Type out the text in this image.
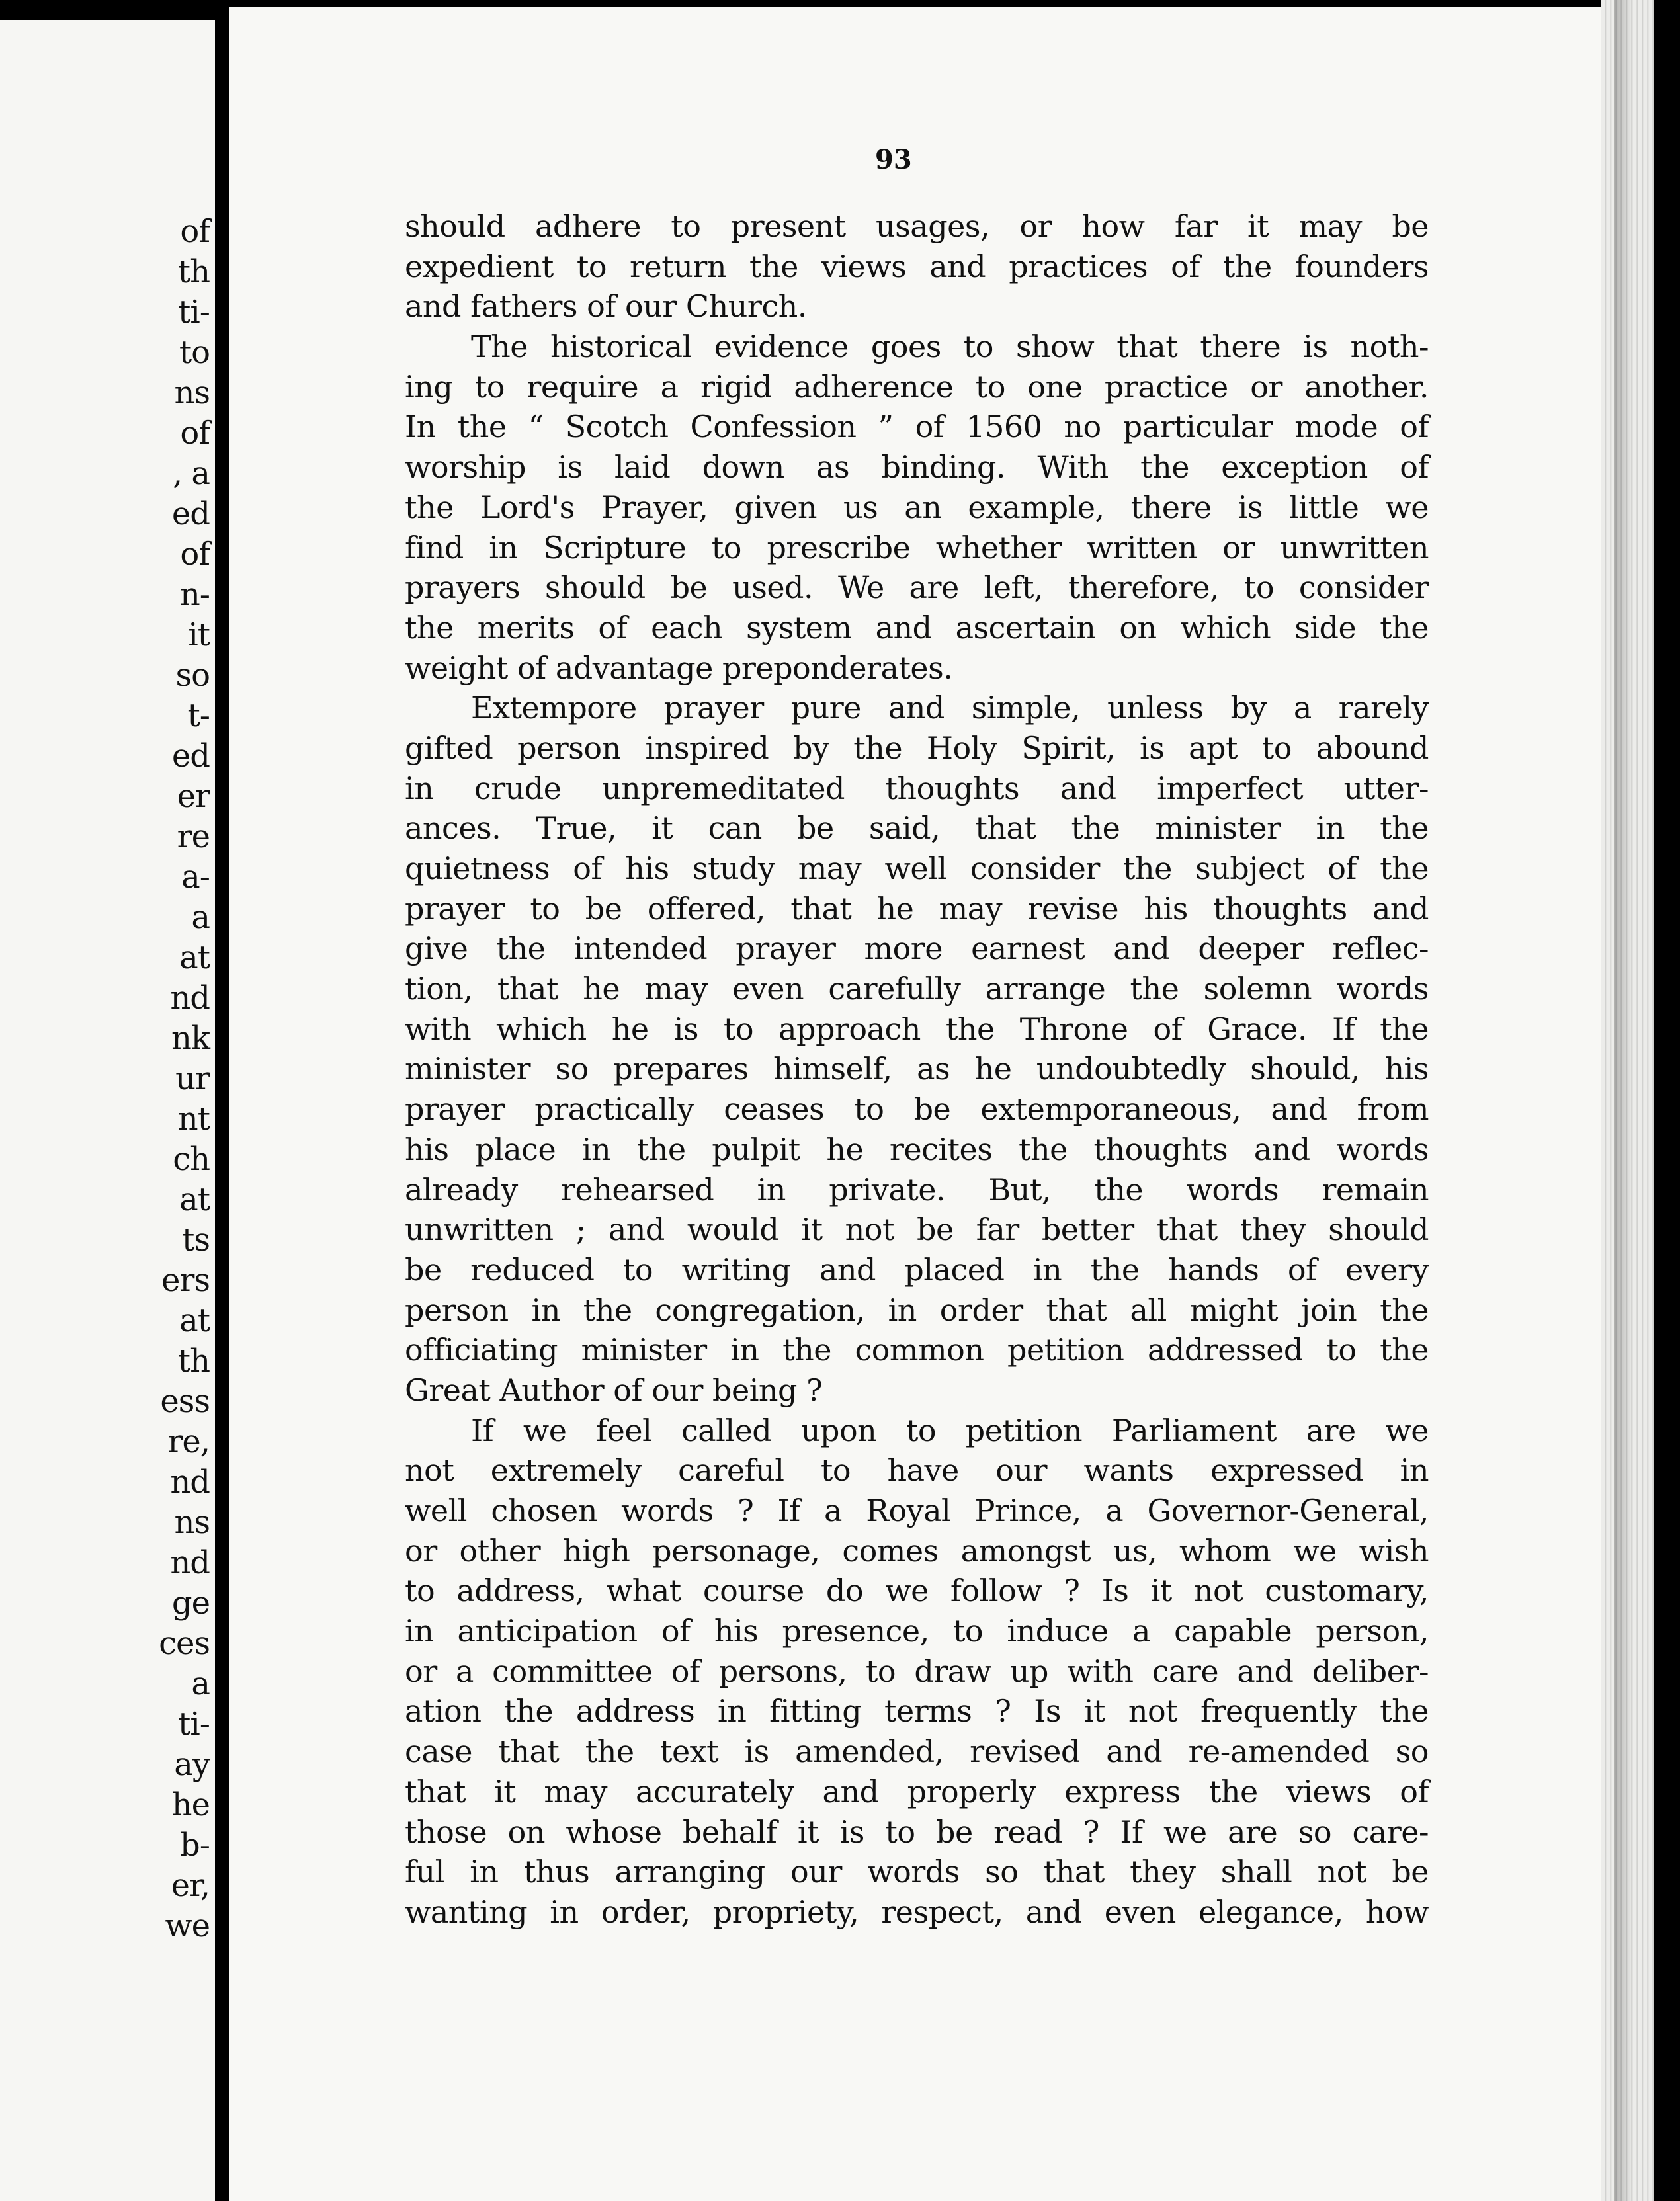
of
th
ti-
to
ns
of
, a
ed
of
n-
it
so
t-
ed
er
re
a-
a
at
nd
nk
ur
nt
ch
at
ts
ers
at
th
ess
re,
nd
ns
nd
ge
ces
a
ti-
ay
he
b-
er,
we
93
should adhere to present usages, or how far it may be
expedient to return the views and practices of the founders
and fathers of our Church.
The historical evidence goes to show that there is noth-
ing to require a rigid adherence to one practice or another.
In the “ Scotch Confession ” of 1560 no particular mode of
worship is laid down as binding. With the exception of
the Lord's Prayer, given us an example, there is little we
find in Scripture to prescribe whether written or unwritten
prayers should be used. We are left, therefore, to consider
the merits of each system and ascertain on which side the
weight of advantage preponderates.
Extempore prayer pure and simple, unless by a rarely
gifted person inspired by the Holy Spirit, is apt to abound
in crude unpremeditated thoughts and imperfect utter-
ances. True, it can be said, that the minister in the
quietness of his study may well consider the subject of the
prayer to be offered, that he may revise his thoughts and
give the intended prayer more earnest and deeper reflec-
tion, that he may even carefully arrange the solemn words
with which he is to approach the Throne of Grace. If the
minister so prepares himself, as he undoubtedly should, his
prayer practically ceases to be extemporaneous, and from
his place in the pulpit he recites the thoughts and words
already rehearsed in private. But, the words remain
unwritten ; and would it not be far better that they should
be reduced to writing and placed in the hands of every
person in the congregation, in order that all might join the
officiating minister in the common petition addressed to the
Great Author of our being ?
If we feel called upon to petition Parliament are we
not extremely careful to have our wants expressed in
well chosen words ? If a Royal Prince, a Governor-General,
or other high personage, comes amongst us, whom we wish
to address, what course do we follow ? Is it not customary,
in anticipation of his presence, to induce a capable person,
or a committee of persons, to draw up with care and deliber-
ation the address in fitting terms ? Is it not frequently the
case that the text is amended, revised and re-amended so
that it may accurately and properly express the views of
those on whose behalf it is to be read ? If we are so care-
ful in thus arranging our words so that they shall not be
wanting in order, propriety, respect, and even elegance, how
